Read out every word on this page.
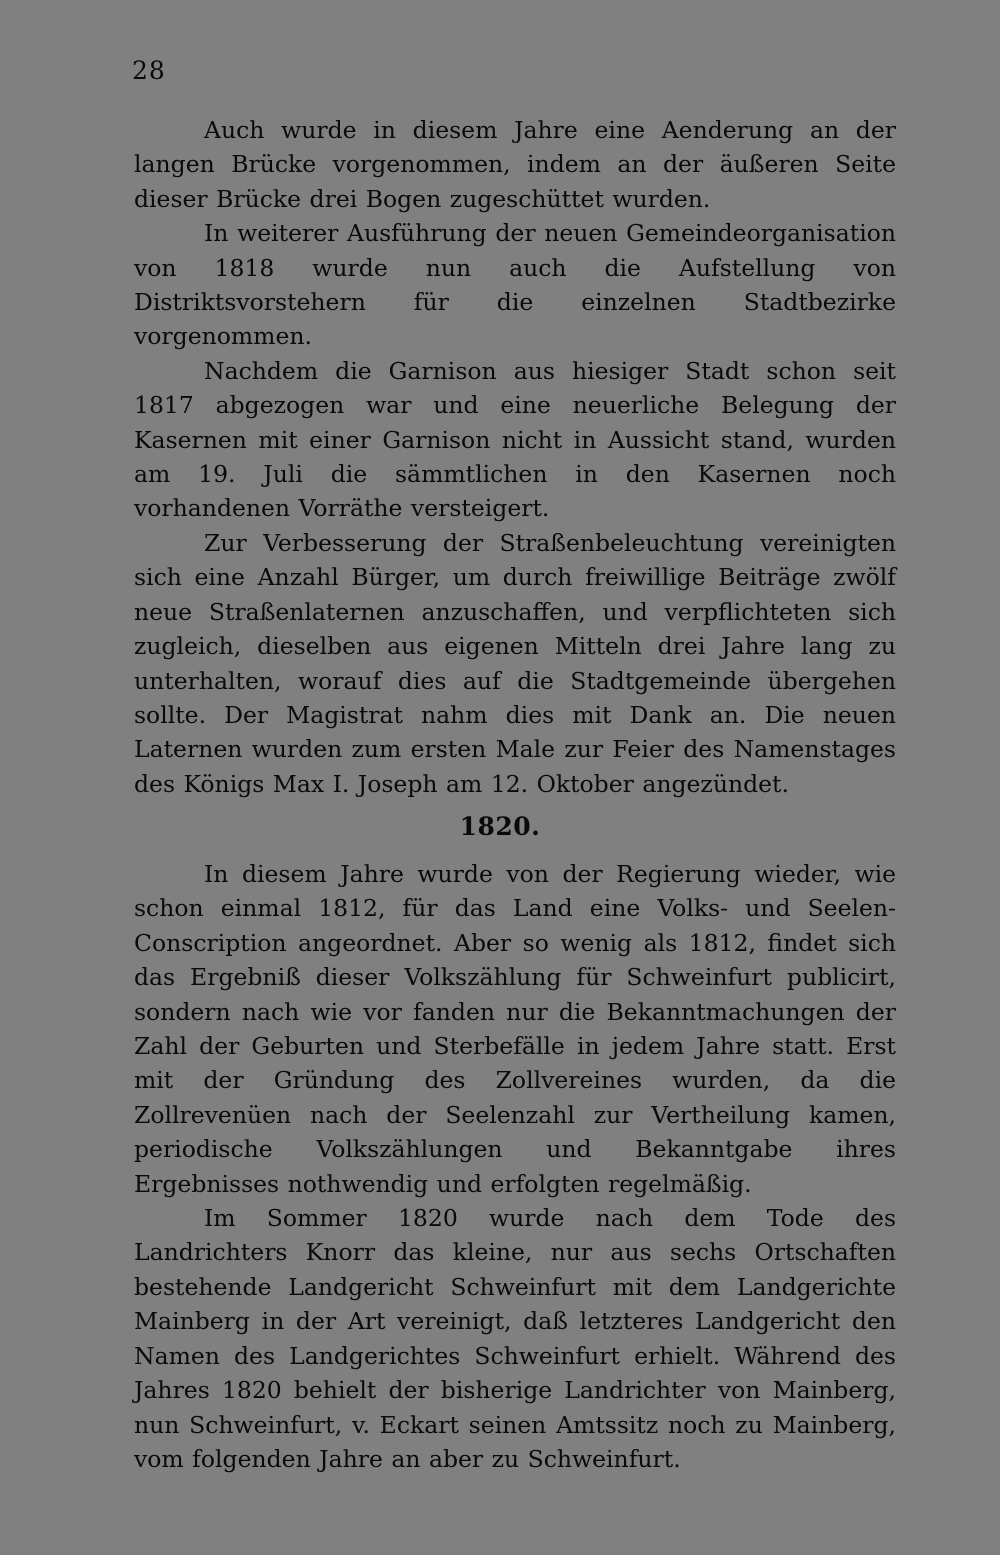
28

Auch wurde in diesem Jahre eine Aenderung an der langen Brücke vorgenommen, indem an der äußeren Seite dieser Brücke drei Bogen zugeschüttet wurden.

In weiterer Ausführung der neuen Gemeindeorganisation von 1818 wurde nun auch die Aufstellung von Distriktsvorstehern für die einzelnen Stadtbezirke vorgenommen.

Nachdem die Garnison aus hiesiger Stadt schon seit 1817 abgezogen war und eine neuerliche Belegung der Kasernen mit einer Garnison nicht in Aussicht stand, wurden am 19. Juli die sämmtlichen in den Kasernen noch vorhandenen Vorräthe versteigert.

Zur Verbesserung der Straßenbeleuchtung vereinigten sich eine Anzahl Bürger, um durch freiwillige Beiträge zwölf neue Straßenlaternen anzuschaffen, und verpflichteten sich zugleich, dieselben aus eigenen Mitteln drei Jahre lang zu unterhalten, worauf dies auf die Stadtgemeinde übergehen sollte. Der Magistrat nahm dies mit Dank an. Die neuen Laternen wurden zum ersten Male zur Feier des Namenstages des Königs Max I. Joseph am 12. Oktober angezündet.

1820.

In diesem Jahre wurde von der Regierung wieder, wie schon einmal 1812, für das Land eine Volks- und Seelen-Conscription angeordnet. Aber so wenig als 1812, findet sich das Ergebniß dieser Volkszählung für Schweinfurt publicirt, sondern nach wie vor fanden nur die Bekanntmachungen der Zahl der Geburten und Sterbefälle in jedem Jahre statt. Erst mit der Gründung des Zollvereines wurden, da die Zollrevenüen nach der Seelenzahl zur Vertheilung kamen, periodische Volkszählungen und Bekanntgabe ihres Ergebnisses nothwendig und erfolgten regelmäßig.

Im Sommer 1820 wurde nach dem Tode des Landrichters Knorr das kleine, nur aus sechs Ortschaften bestehende Landgericht Schweinfurt mit dem Landgerichte Mainberg in der Art vereinigt, daß letzteres Landgericht den Namen des Landgerichtes Schweinfurt erhielt. Während des Jahres 1820 behielt der bisherige Landrichter von Mainberg, nun Schweinfurt, v. Eckart seinen Amtssitz noch zu Mainberg, vom folgenden Jahre an aber zu Schweinfurt.
